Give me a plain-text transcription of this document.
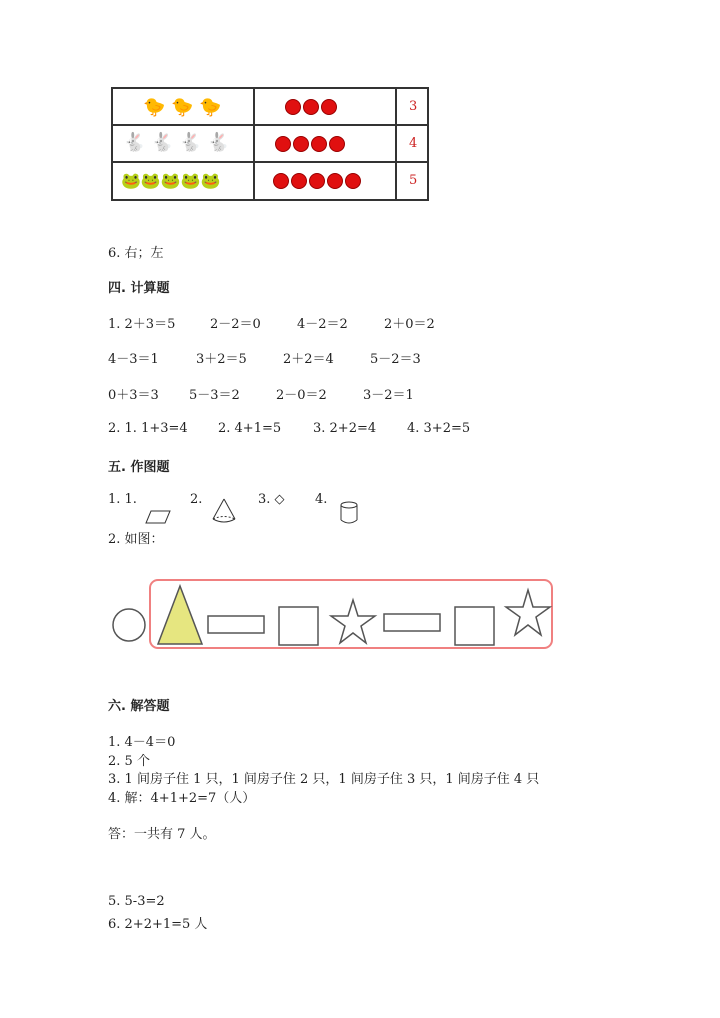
🐤 🐤 🐤	3
🐇 🐇 🐇 🐇	4
🐸🐸🐸🐸🐸	5
6. 右；左
四. 计算题
1. 2＋3＝5	2－2＝0	4－2＝2	2＋0＝2
4－3＝1	3＋2＝5	2＋2＝4	5－2＝3
0＋3＝3 5－3＝2	2－0＝2	3－2＝1
2. 1. 1+3=4 2. 4+1=5 3. 2+2=4 4. 3+2=5
五. 作图题
1. 1.	2.	3. ◇ 4.
2. 如图：
六. 解答题
1. 4－4＝0
2. 5 个
3. 1 间房子住 1 只，1 间房子住 2 只，1 间房子住 3 只，1 间房子住 4 只
4. 解：4+1+2=7（人）
答：一共有 7 人。
5. 5-3=2
6. 2+2+1=5 人
